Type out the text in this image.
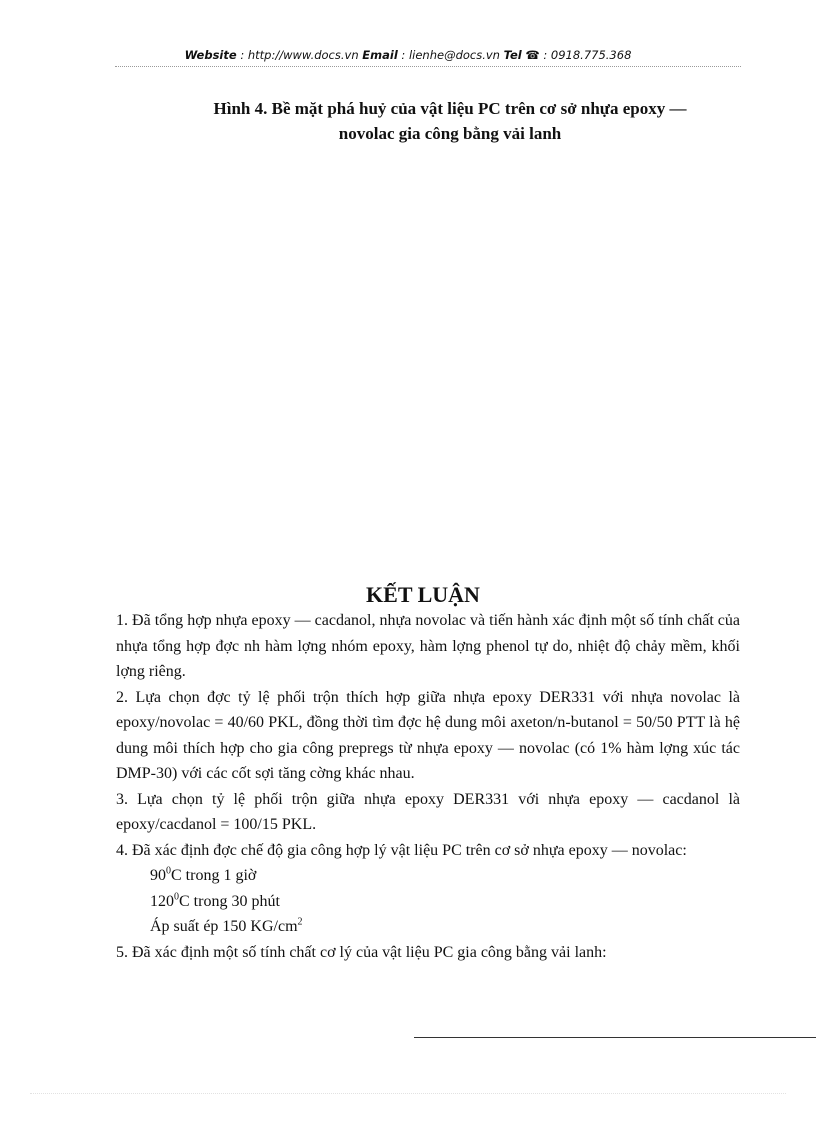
Website : http://www.docs.vn Email : lienhe@docs.vn Tel ☎ : 0918.775.368
Hình 4. Bề mặt phá huỷ của vật liệu PC trên cơ sở nhựa epoxy —
novolac gia công bằng vải lanh
KẾT LUẬN

1. Đã tổng hợp nhựa epoxy — cacdanol, nhựa novolac và tiến hành xác định một số tính chất của nhựa tổng hợp đợc nh hàm lợng nhóm epoxy, hàm lợng phenol tự do, nhiệt độ chảy mềm, khối lợng riêng.

2. Lựa chọn đợc tỷ lệ phối trộn thích hợp giữa nhựa epoxy DER331 với nhựa novolac là epoxy/novolac = 40/60 PKL, đồng thời tìm đợc hệ dung môi axeton/n-butanol = 50/50 PTT là hệ dung môi thích hợp cho gia công prepregs từ nhựa epoxy — novolac (có 1% hàm lợng xúc tác DMP-30) với các cốt sợi tăng cờng khác nhau.

3. Lựa chọn tỷ lệ phối trộn giữa nhựa epoxy DER331 với nhựa epoxy — cacdanol là epoxy/cacdanol = 100/15 PKL.

4. Đã xác định đợc chế độ gia công hợp lý vật liệu PC trên cơ sở nhựa epoxy — novolac:

$90^0C$ trong 1 giờ

$120^0C$ trong 30 phút

Áp suất ép 150 $KG/cm^2$

5. Đã xác định một số tính chất cơ lý của vật liệu PC gia công bằng vải lanh:
